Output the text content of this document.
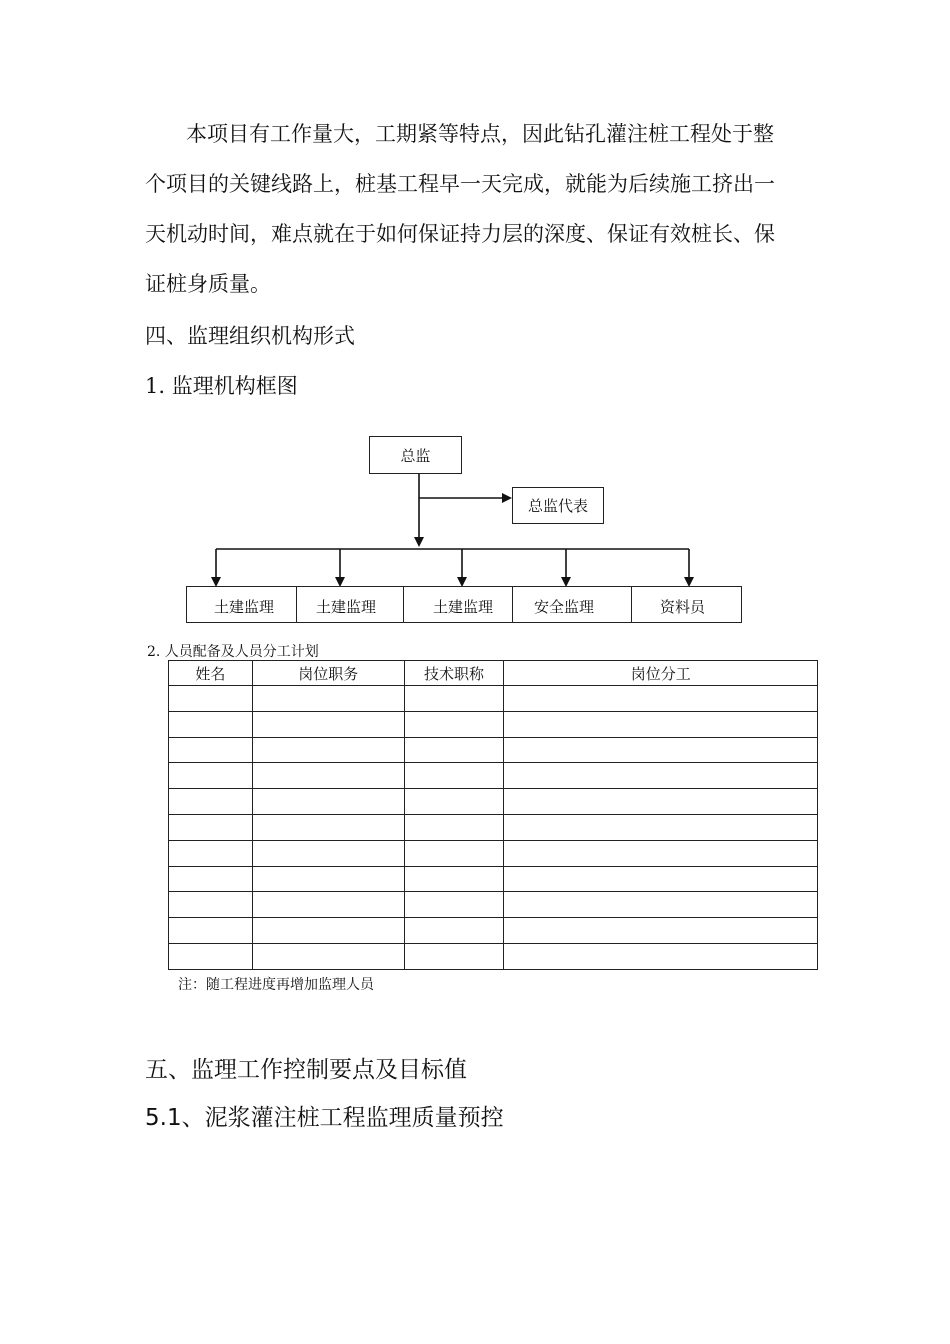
本项目有工作量大，工期紧等特点，因此钻孔灌注桩工程处于整
个项目的关键线路上，桩基工程早一天完成，就能为后续施工挤出一
天机动时间，难点就在于如何保证持力层的深度、保证有效桩长、保
证桩身质量。
四、监理组织机构形式
1. 监理机构框图
总监
总监代表
土建监理	土建监理	土建监理	安全监理	资料员
2. 人员配备及人员分工计划
姓名	岗位职务	技术职称	岗位分工

注：随工程进度再增加监理人员
五、监理工作控制要点及目标值
5.1、泥浆灌注桩工程监理质量预控
